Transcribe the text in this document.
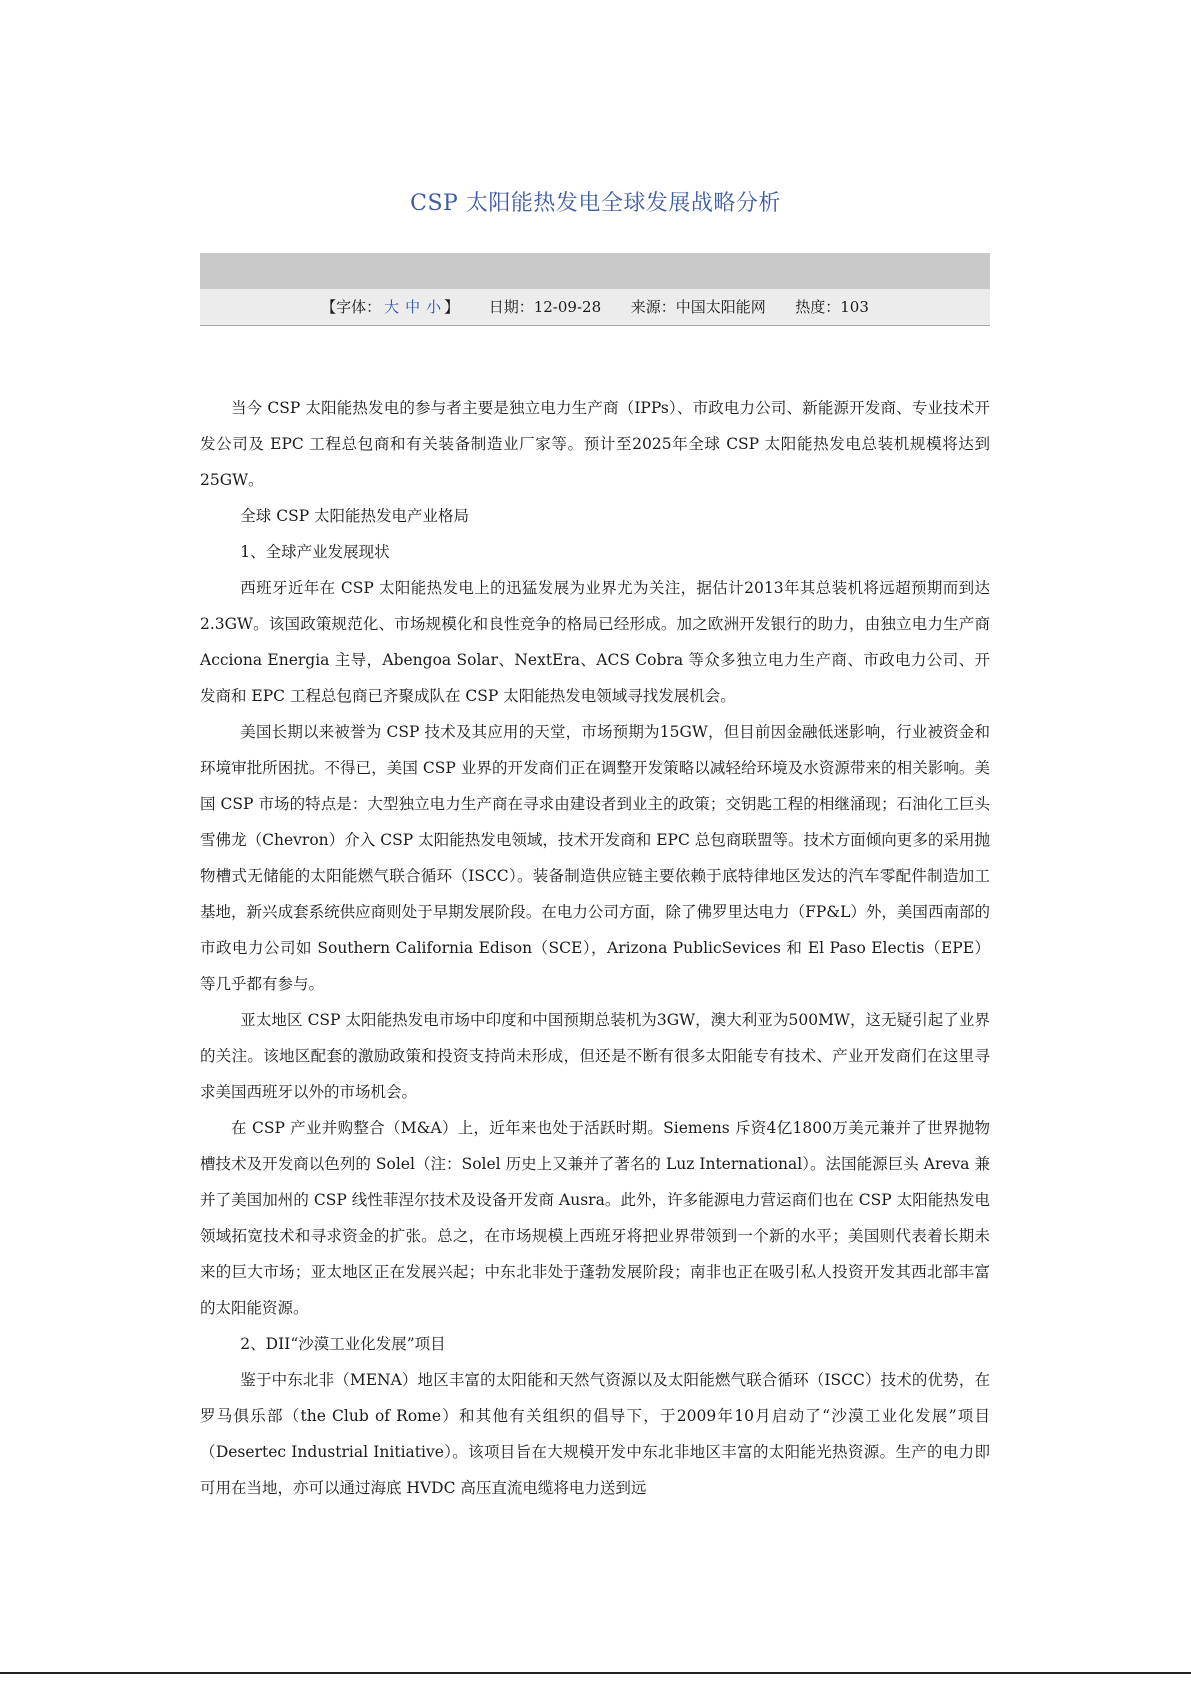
CSP 太阳能热发电全球发展战略分析
【字体： 大 中 小 】 日期：12-09-28 来源：中国太阳能网 热度：103

当今 CSP 太阳能热发电的参与者主要是独立电力生产商（IPPs）、市政电力公司、新能源开发商、专业技术开发公司及 EPC 工程总包商和有关装备制造业厂家等。预计至2025年全球 CSP 太阳能热发电总装机规模将达到25GW。

全球 CSP 太阳能热发电产业格局

1、全球产业发展现状

西班牙近年在 CSP 太阳能热发电上的迅猛发展为业界尤为关注，据估计2013年其总装机将远超预期而到达2.3GW。该国政策规范化、市场规模化和良性竞争的格局已经形成。加之欧洲开发银行的助力，由独立电力生产商 Acciona Energia 主导，Abengoa Solar、NextEra、ACS Cobra 等众多独立电力生产商、市政电力公司、开发商和 EPC 工程总包商已齐聚成队在 CSP 太阳能热发电领域寻找发展机会。

美国长期以来被誉为 CSP 技术及其应用的天堂，市场预期为15GW，但目前因金融低迷影响，行业被资金和环境审批所困扰。不得已，美国 CSP 业界的开发商们正在调整开发策略以减轻给环境及水资源带来的相关影响。美国 CSP 市场的特点是：大型独立电力生产商在寻求由建设者到业主的政策；交钥匙工程的相继涌现；石油化工巨头雪佛龙（Chevron）介入 CSP 太阳能热发电领域，技术开发商和 EPC 总包商联盟等。技术方面倾向更多的采用抛物槽式无储能的太阳能燃气联合循环（ISCC）。装备制造供应链主要依赖于底特律地区发达的汽车零配件制造加工基地，新兴成套系统供应商则处于早期发展阶段。在电力公司方面，除了佛罗里达电力（FP&L）外，美国西南部的市政电力公司如 Southern California Edison（SCE），Arizona PublicSevices 和 El Paso Electis（EPE）等几乎都有参与。

亚太地区 CSP 太阳能热发电市场中印度和中国预期总装机为3GW，澳大利亚为500MW，这无疑引起了业界的关注。该地区配套的激励政策和投资支持尚未形成，但还是不断有很多太阳能专有技术、产业开发商们在这里寻求美国西班牙以外的市场机会。

在 CSP 产业并购整合（M&A）上，近年来也处于活跃时期。Siemens 斥资4亿1800万美元兼并了世界抛物槽技术及开发商以色列的 Solel（注：Solel 历史上又兼并了著名的 Luz International）。法国能源巨头 Areva 兼并了美国加州的 CSP 线性菲涅尔技术及设备开发商 Ausra。此外，许多能源电力营运商们也在 CSP 太阳能热发电领域拓宽技术和寻求资金的扩张。总之，在市场规模上西班牙将把业界带领到一个新的水平；美国则代表着长期未来的巨大市场；亚太地区正在发展兴起；中东北非处于蓬勃发展阶段；南非也正在吸引私人投资开发其西北部丰富的太阳能资源。

2、DII“沙漠工业化发展”项目

鉴于中东北非（MENA）地区丰富的太阳能和天然气资源以及太阳能燃气联合循环（ISCC）技术的优势，在罗马俱乐部（the Club of Rome）和其他有关组织的倡导下，于2009年10月启动了“沙漠工业化发展”项目（Desertec Industrial Initiative）。该项目旨在大规模开发中东北非地区丰富的太阳能光热资源。生产的电力即可用在当地，亦可以通过海底 HVDC 高压直流电缆将电力送到远
